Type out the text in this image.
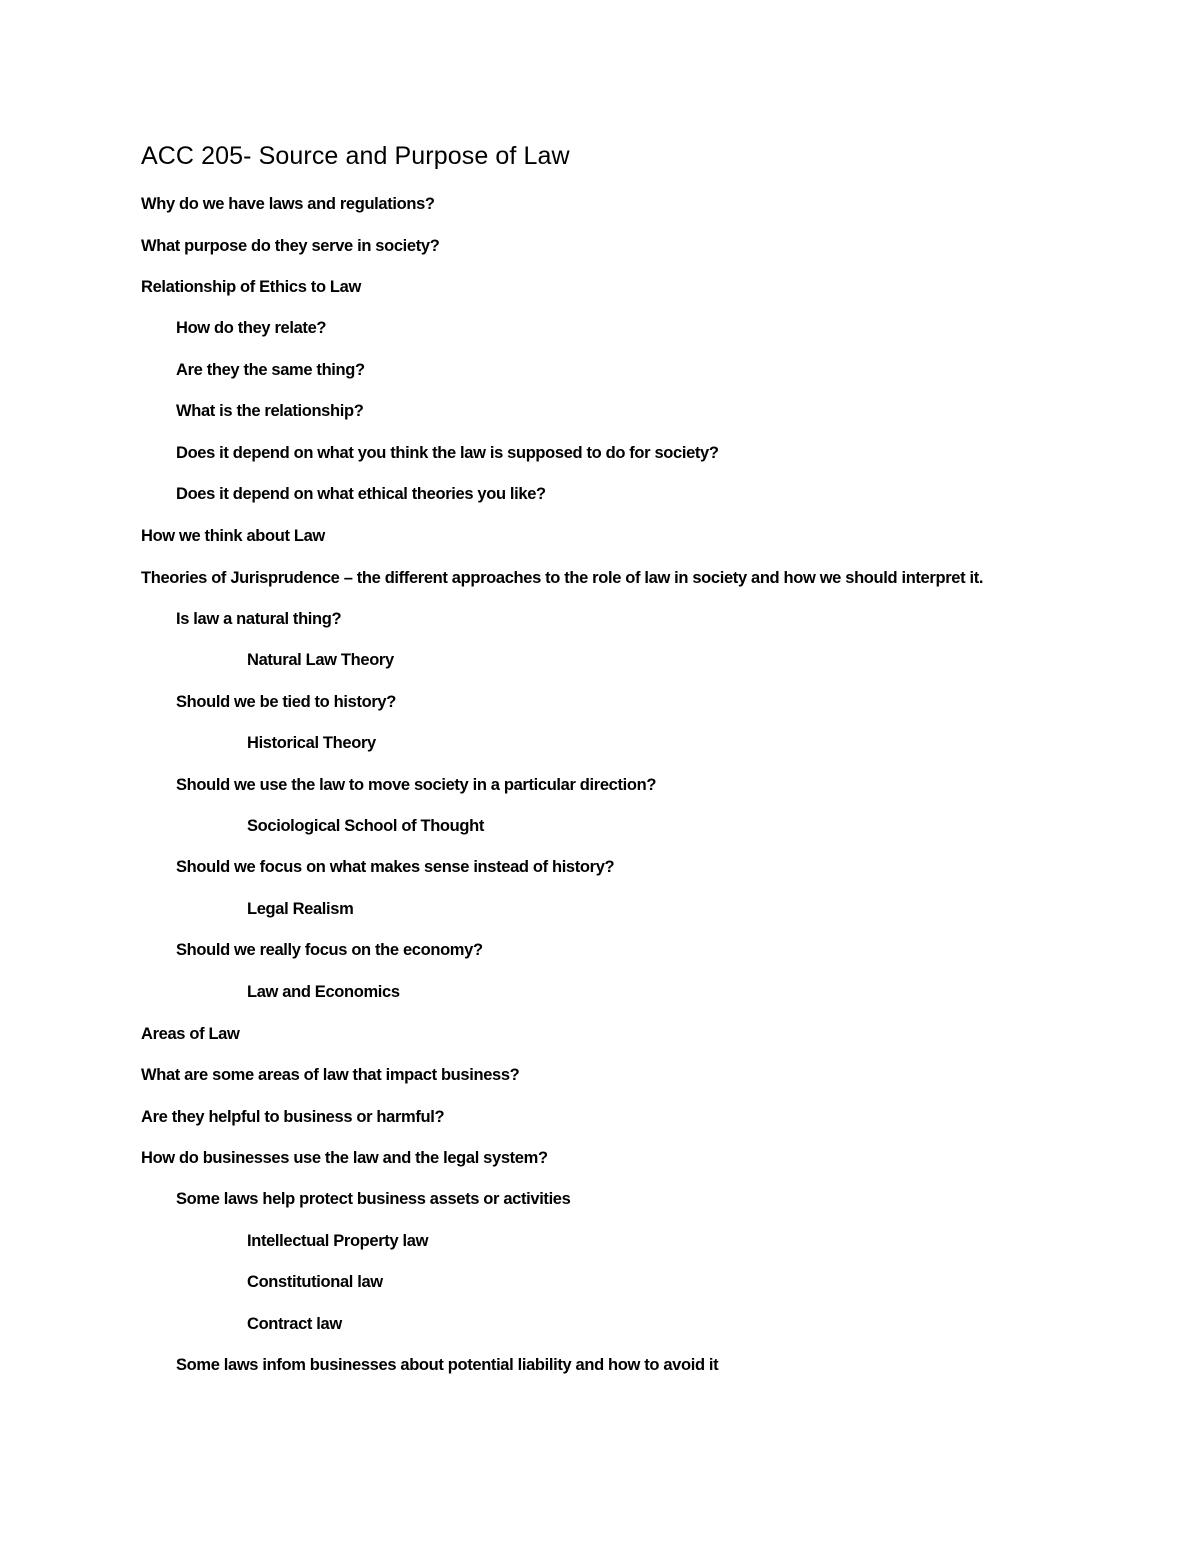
ACC 205- Source and Purpose of Law

Why do we have laws and regulations?

What purpose do they serve in society?

Relationship of Ethics to Law

How do they relate?

Are they the same thing?

What is the relationship?

Does it depend on what you think the law is supposed to do for society?

Does it depend on what ethical theories you like?

How we think about Law

Theories of Jurisprudence – the different approaches to the role of law in society and how we should interpret it.

Is law a natural thing?

Natural Law Theory

Should we be tied to history?

Historical Theory

Should we use the law to move society in a particular direction?

Sociological School of Thought

Should we focus on what makes sense instead of history?

Legal Realism

Should we really focus on the economy?

Law and Economics

Areas of Law

What are some areas of law that impact business?

Are they helpful to business or harmful?

How do businesses use the law and the legal system?

Some laws help protect business assets or activities

Intellectual Property law

Constitutional law

Contract law

Some laws infom businesses about potential liability and how to avoid it
